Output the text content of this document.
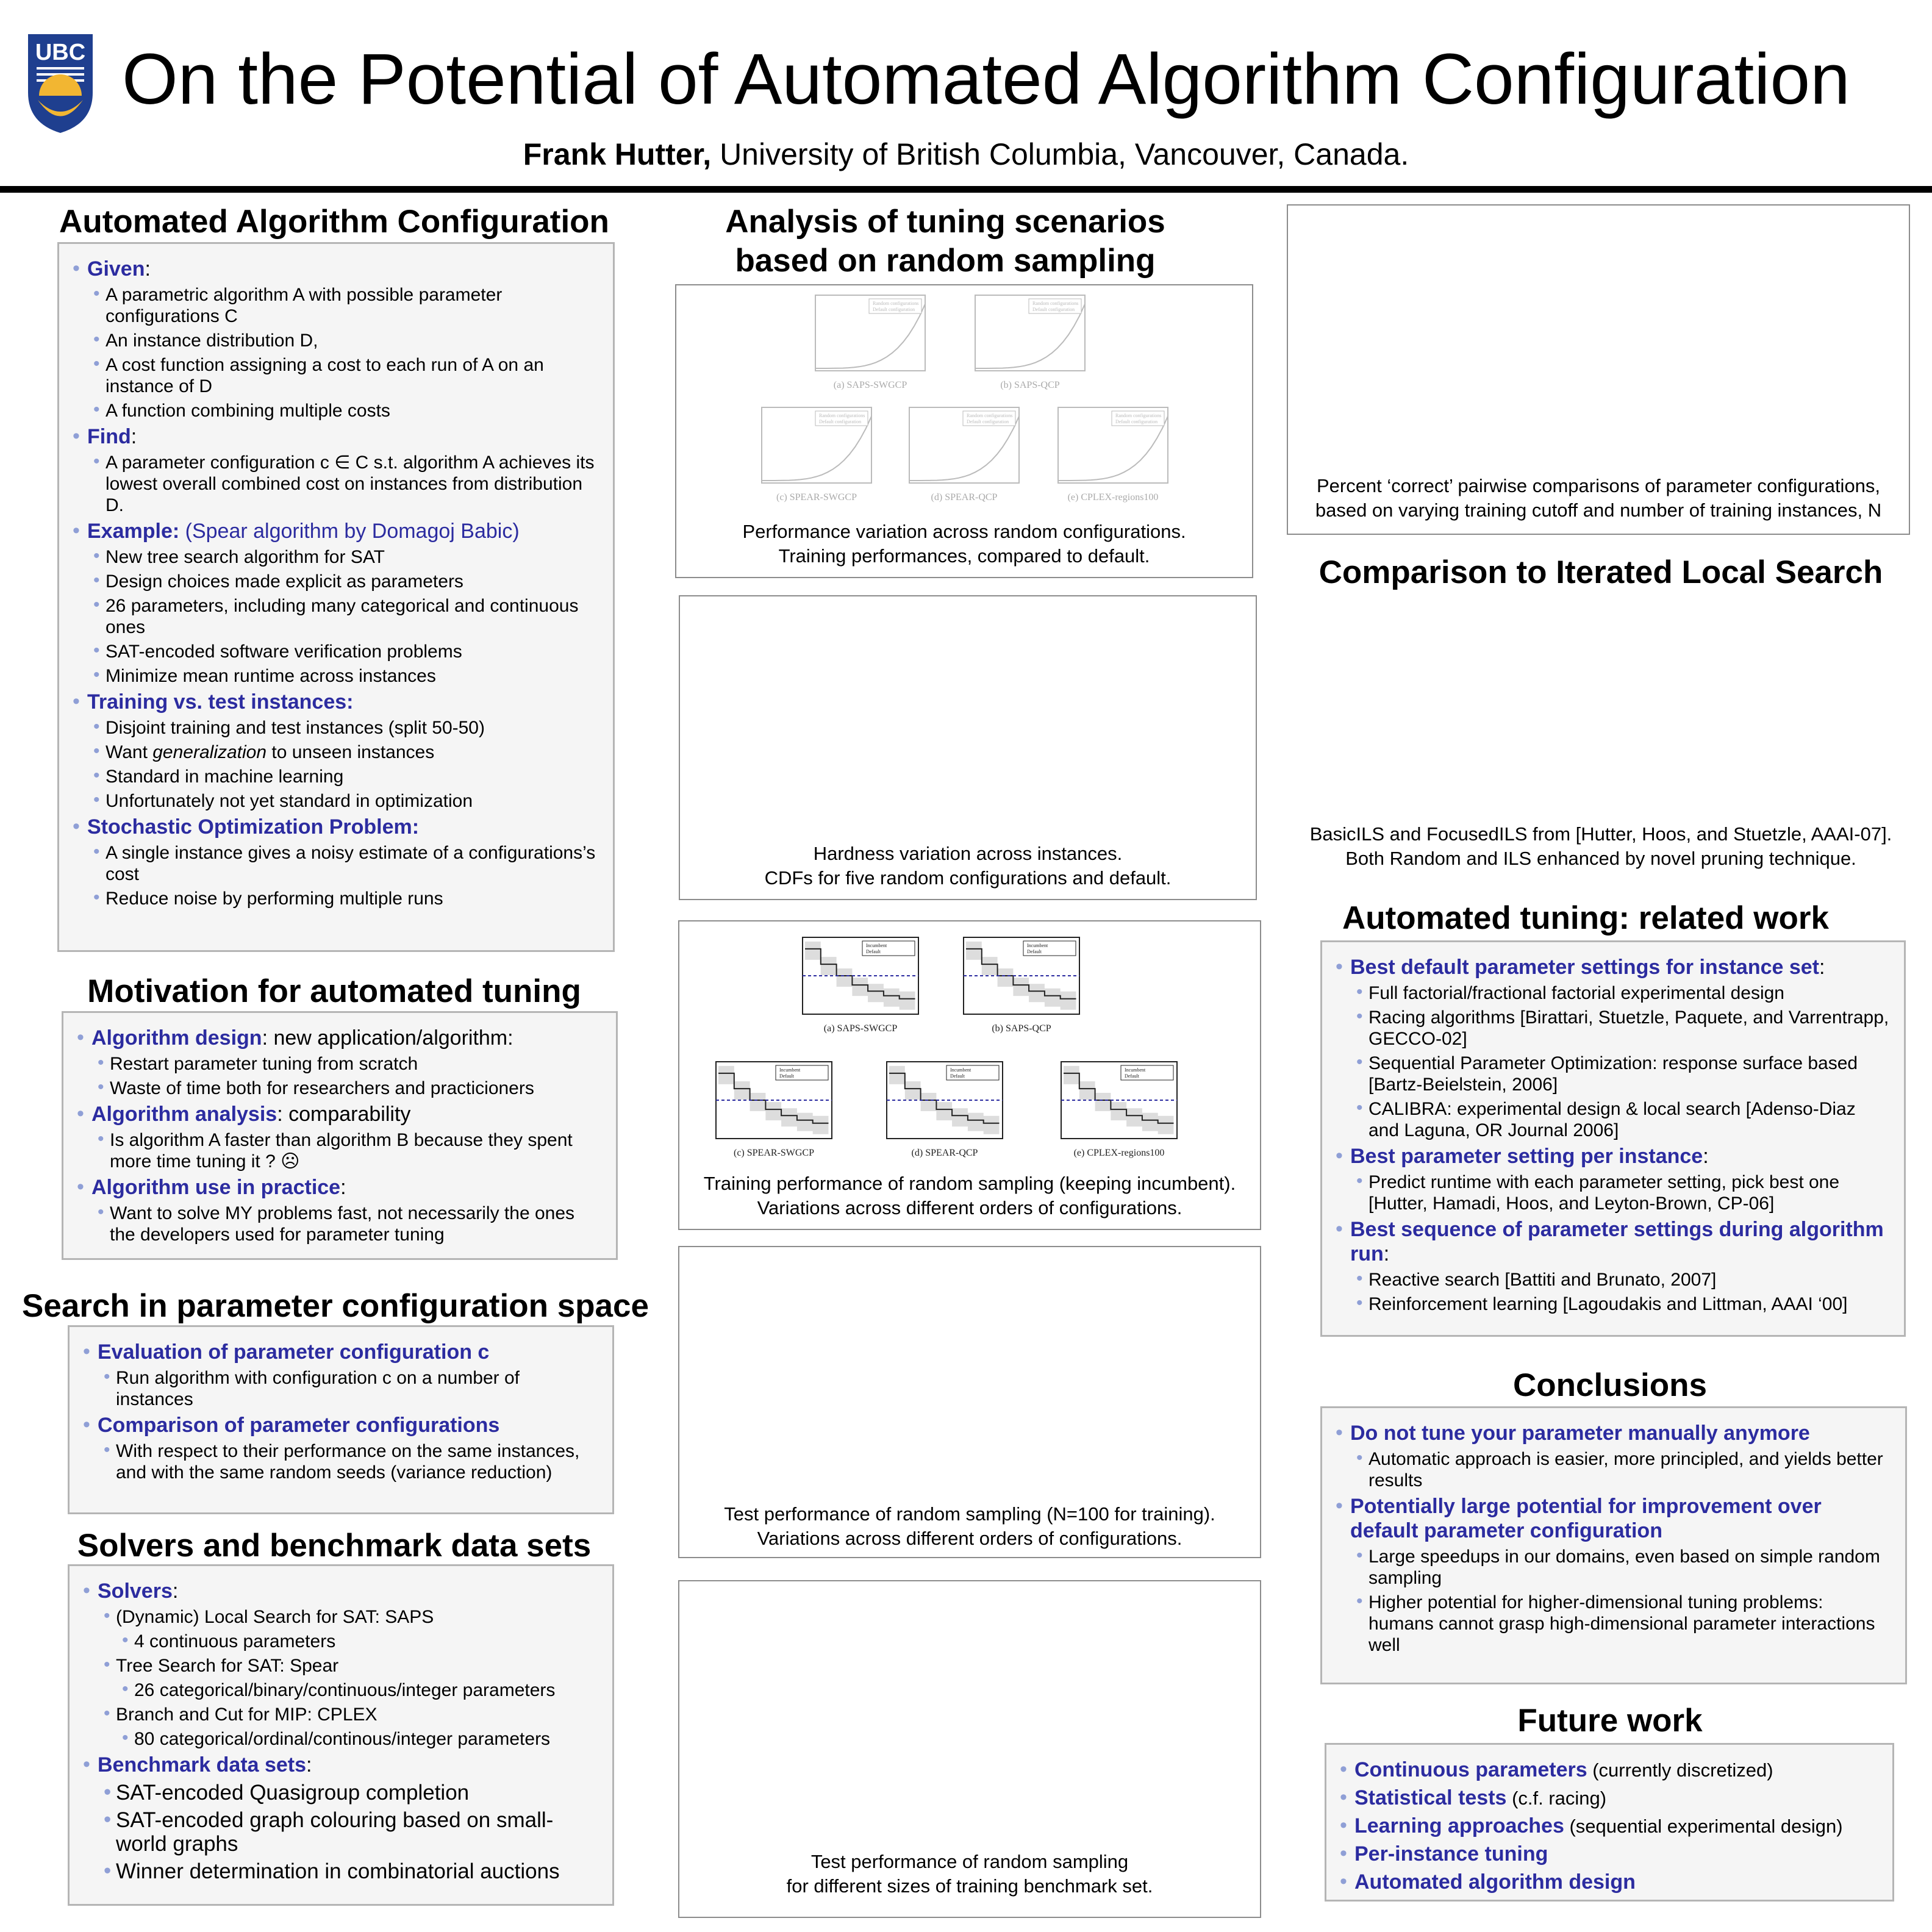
UBC On the Potential of Automated Algorithm Configuration
Frank Hutter, University of British Columbia, Vancouver, Canada.
Automated Algorithm Configuration
• Given:
• A parametric algorithm A with possible parameter configurations C
• An instance distribution D,
• A cost function assigning a cost to each run of A on an instance of D
• A function combining multiple costs
• Find:
• A parameter configuration c ∈ C s.t. algorithm A achieves its lowest overall combined cost on instances from distribution D.
• Example: (Spear algorithm by Domagoj Babic)
• New tree search algorithm for SAT
• Design choices made explicit as parameters
• 26 parameters, including many categorical and continuous ones
• SAT-encoded software verification problems
• Minimize mean runtime across instances
• Training vs. test instances:
• Disjoint training and test instances (split 50-50)
• Want generalization to unseen instances
• Standard in machine learning
• Unfortunately not yet standard in optimization
• Stochastic Optimization Problem:
• A single instance gives a noisy estimate of a configurations’s cost
• Reduce noise by performing multiple runs
Motivation for automated tuning
• Algorithm design: new application/algorithm:
• Restart parameter tuning from scratch
• Waste of time both for researchers and practicioners
• Algorithm analysis: comparability
• Is algorithm A faster than algorithm B because they spent more time tuning it ? ☹
• Algorithm use in practice:
• Want to solve MY problems fast, not necessarily the ones the developers used for parameter tuning
Search in parameter configuration space
• Evaluation of parameter configuration c
• Run algorithm with configuration c on a number of instances
• Comparison of parameter configurations
• With respect to their performance on the same instances, and with the same random seeds (variance reduction)
Solvers and benchmark data sets
• Solvers:
• (Dynamic) Local Search for SAT: SAPS
• 4 continuous parameters
• Tree Search for SAT: Spear
• 26 categorical/binary/continuous/integer parameters
• Branch and Cut for MIP: CPLEX
• 80 categorical/ordinal/continous/integer parameters
• Benchmark data sets:
• SAT-encoded Quasigroup completion
• SAT-encoded graph colouring based on small-world graphs
• Winner determination in combinatorial auctions
Analysis of tuning scenarios
based on random sampling
Random configurations
Default configuration
(a) SAPS-SWGCP
Random configurations
Default configuration
(b) SAPS-QCP
Random configurations
Default configuration
(c) SPEAR-SWGCP
Random configurations
Default configuration
(d) SPEAR-QCP
Random configurations
Default configuration
(e) CPLEX-regions100
Performance variation across random configurations.
Training performances, compared to default.
Hardness variation across instances.
CDFs for five random configurations and default.
Incumbent
Default
(a) SAPS-SWGCP
Incumbent
Default
(b) SAPS-QCP
Incumbent
Default
(c) SPEAR-SWGCP
Incumbent
Default
(d) SPEAR-QCP
Incumbent
Default
(e) CPLEX-regions100
Training performance of random sampling (keeping incumbent).
Variations across different orders of configurations.
Test performance of random sampling (N=100 for training).
Variations across different orders of configurations.
Test performance of random sampling
for different sizes of training benchmark set.
Percent ‘correct’ pairwise comparisons of parameter configurations,
based on varying training cutoff and number of training instances, N
Comparison to Iterated Local Search
BasicILS and FocusedILS from [Hutter, Hoos, and Stuetzle, AAAI-07].
Both Random and ILS enhanced by novel pruning technique.
Automated tuning: related work
• Best default parameter settings for instance set:
• Full factorial/fractional factorial experimental design
• Racing algorithms [Birattari, Stuetzle, Paquete, and Varrentrapp, GECCO-02]
• Sequential Parameter Optimization: response surface based [Bartz-Beielstein, 2006]
• CALIBRA: experimental design & local search [Adenso-Diaz and Laguna, OR Journal 2006]
• Best parameter setting per instance:
• Predict runtime with each parameter setting, pick best one [Hutter, Hamadi, Hoos, and Leyton-Brown, CP-06]
• Best sequence of parameter settings during algorithm run:
• Reactive search [Battiti and Brunato, 2007]
• Reinforcement learning [Lagoudakis and Littman, AAAI ‘00]
Conclusions
• Do not tune your parameter manually anymore
• Automatic approach is easier, more principled, and yields better results
• Potentially large potential for improvement over default parameter configuration
• Large speedups in our domains, even based on simple random sampling
• Higher potential for higher-dimensional tuning problems: humans cannot grasp high-dimensional parameter interactions well
Future work
• Continuous parameters (currently discretized)
• Statistical tests (c.f. racing)
• Learning approaches (sequential experimental design)
• Per-instance tuning
• Automated algorithm design
